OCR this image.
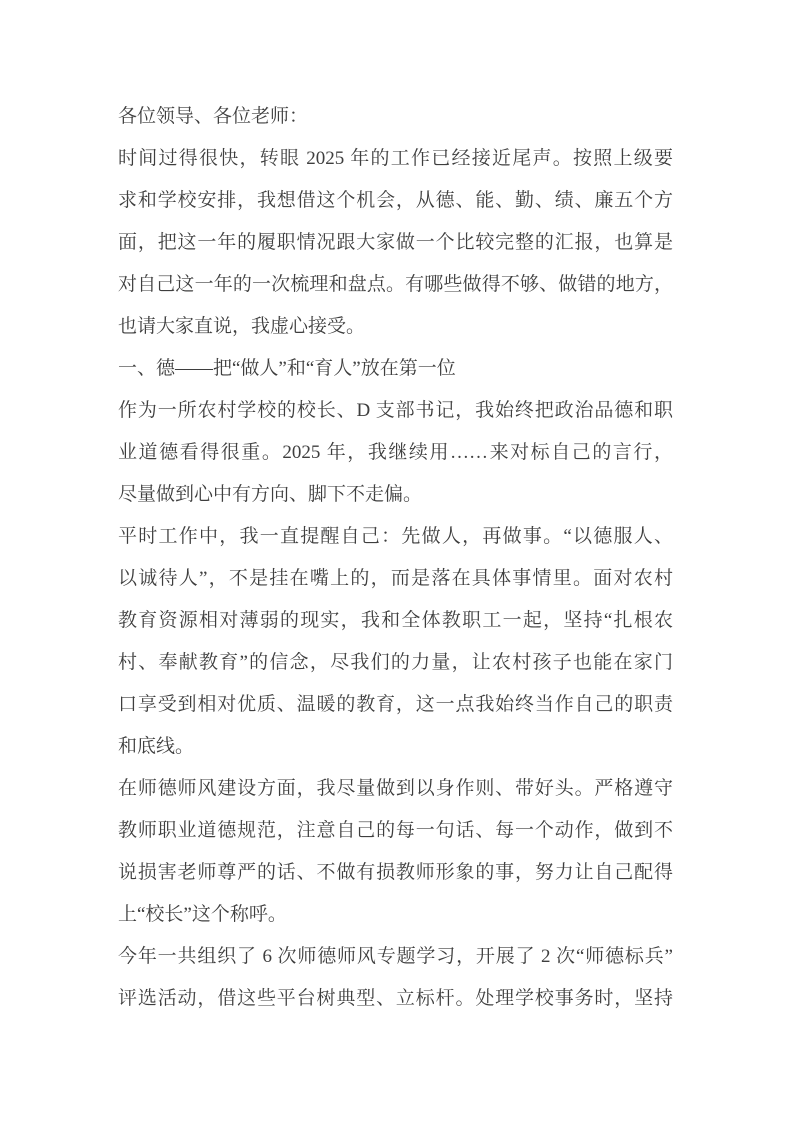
各位领导、各位老师：
时间过得很快，转眼 2025 年的工作已经接近尾声。按照上级要
求和学校安排，我想借这个机会，从德、能、勤、绩、廉五个方
面，把这一年的履职情况跟大家做一个比较完整的汇报，也算是
对自己这一年的一次梳理和盘点。有哪些做得不够、做错的地方，
也请大家直说，我虚心接受。
一、德——把“做人”和“育人”放在第一位
作为一所农村学校的校长、D 支部书记，我始终把政治品德和职
业道德看得很重。2025 年，我继续用……来对标自己的言行，
尽量做到心中有方向、脚下不走偏。
平时工作中，我一直提醒自己：先做人，再做事。“以德服人、
以诚待人”，不是挂在嘴上的，而是落在具体事情里。面对农村
教育资源相对薄弱的现实，我和全体教职工一起，坚持“扎根农
村、奉献教育”的信念，尽我们的力量，让农村孩子也能在家门
口享受到相对优质、温暖的教育，这一点我始终当作自己的职责
和底线。
在师德师风建设方面，我尽量做到以身作则、带好头。严格遵守
教师职业道德规范，注意自己的每一句话、每一个动作，做到不
说损害老师尊严的话、不做有损教师形象的事，努力让自己配得
上“校长”这个称呼。
今年一共组织了 6 次师德师风专题学习，开展了 2 次“师德标兵”
评选活动，借这些平台树典型、立标杆。处理学校事务时，坚持
